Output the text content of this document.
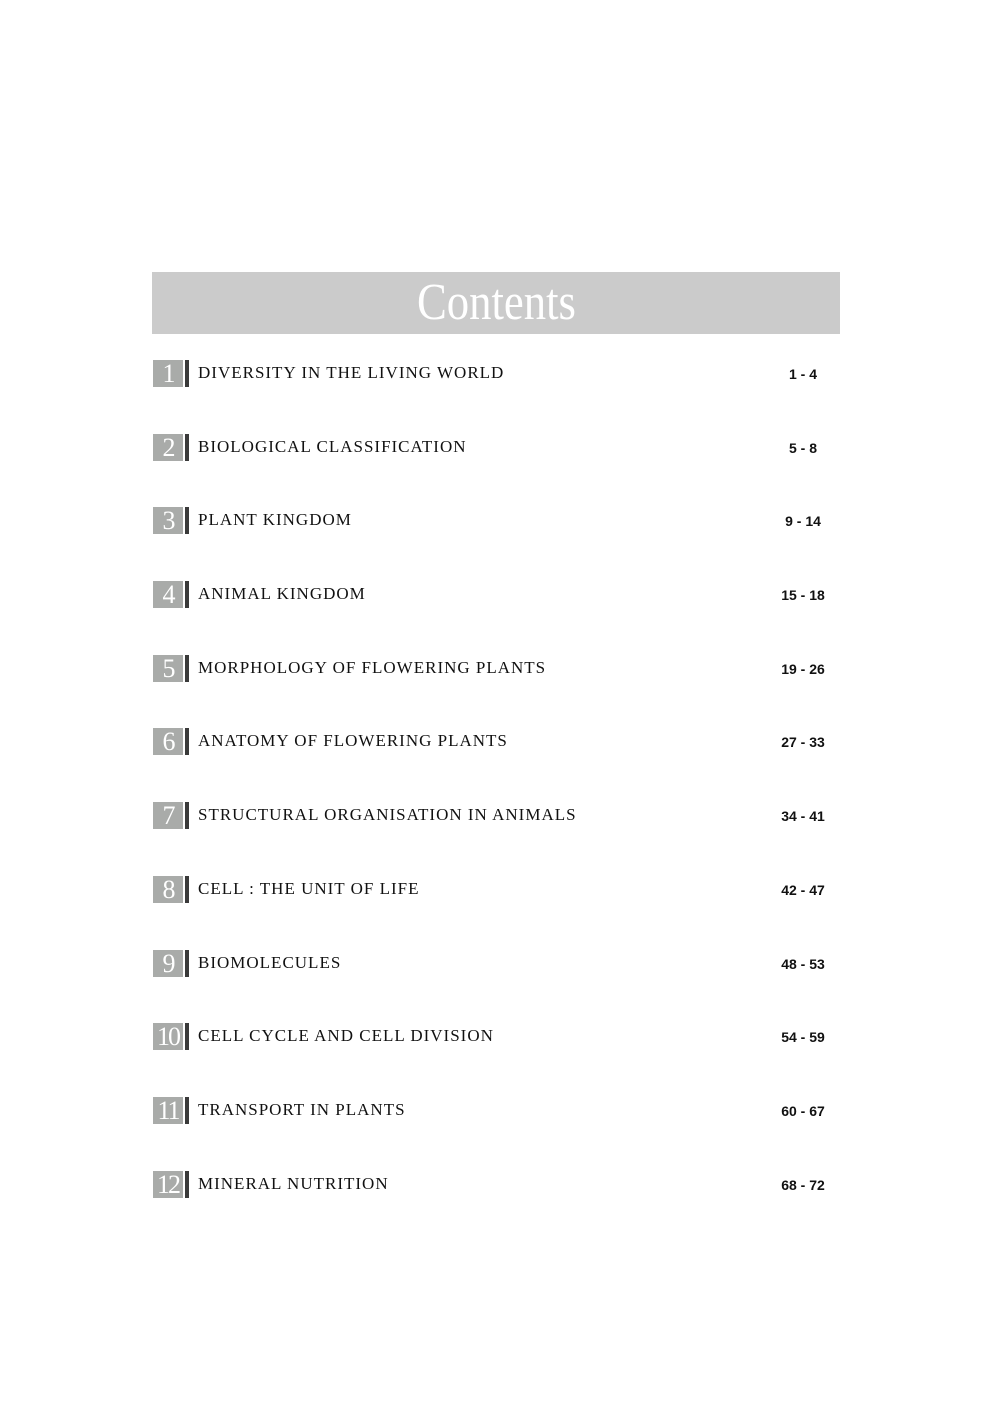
Contents
1	DIVERSITY IN THE LIVING WORLD	1 - 4
2	BIOLOGICAL CLASSIFICATION	5 - 8
3	PLANT KINGDOM	9 - 14
4	ANIMAL KINGDOM	15 - 18
5	MORPHOLOGY OF FLOWERING PLANTS	19 - 26
6	ANATOMY OF FLOWERING PLANTS	27 - 33
7	STRUCTURAL ORGANISATION IN ANIMALS	34 - 41
8	CELL : THE UNIT OF LIFE	42 - 47
9	BIOMOLECULES	48 - 53
10 CELL CYCLE AND CELL DIVISION	54 - 59
11 TRANSPORT IN PLANTS	60 - 67
12 MINERAL NUTRITION	68 - 72
